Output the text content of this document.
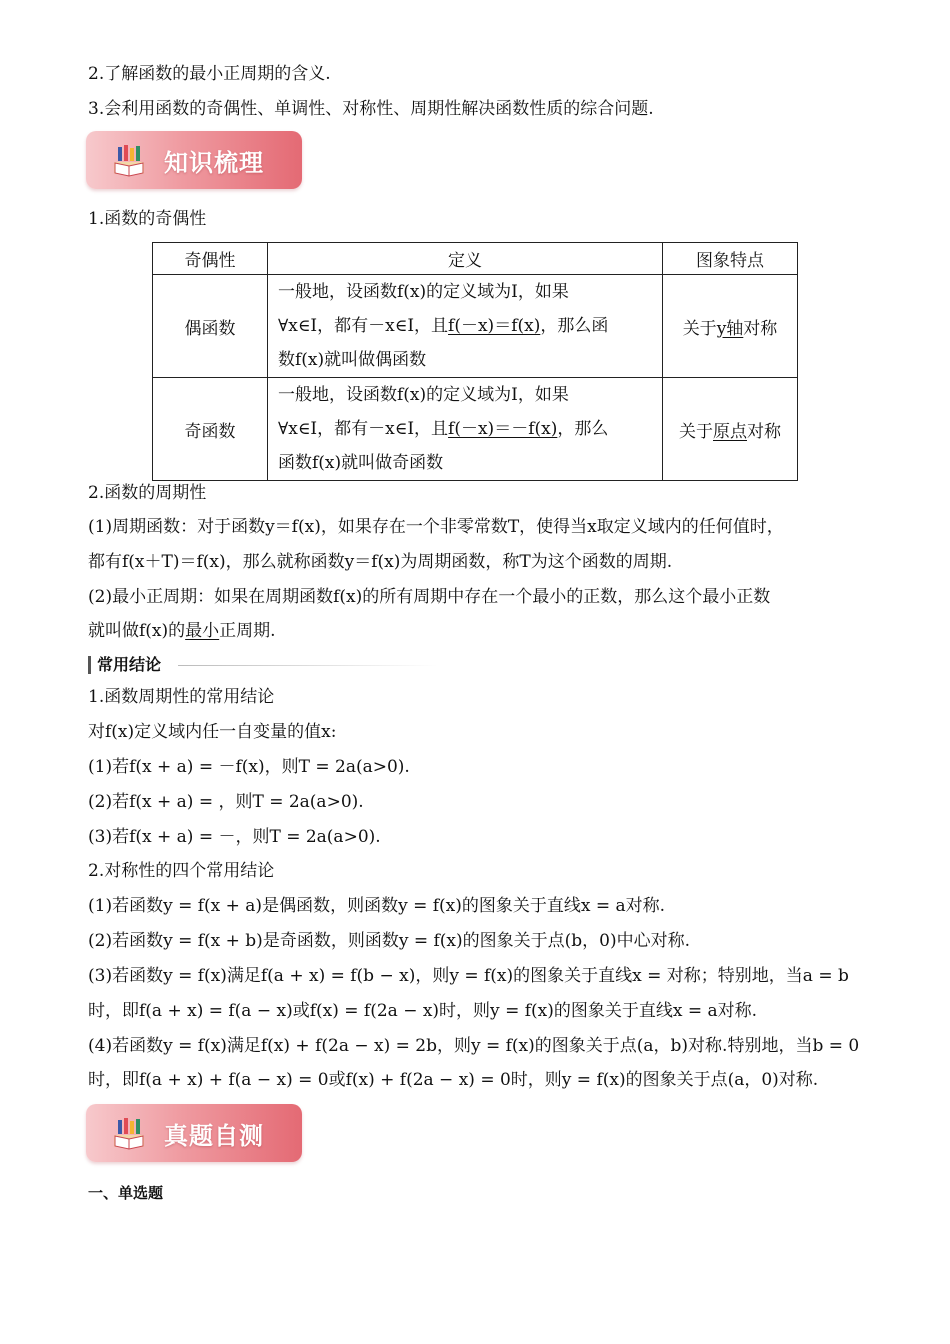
2.了解函数的最小正周期的含义.
3.会利用函数的奇偶性、单调性、对称性、周期性解决函数性质的综合问题.
知识梳理
1.函数的奇偶性
奇偶性	定义	图象特点
偶函数	一般地，设函数f(x)的定义域为I，如果
∀x∈I，都有－x∈I，且f(－x)＝f(x)，那么函
数f(x)就叫做偶函数	关于y轴对称
奇函数	一般地，设函数f(x)的定义域为I，如果
∀x∈I，都有－x∈I，且f(－x)＝－f(x)，那么
函数f(x)就叫做奇函数	关于原点对称
2.函数的周期性
(1)周期函数：对于函数y＝f(x)，如果存在一个非零常数T，使得当x取定义域内的任何值时，
都有f(x＋T)＝f(x)，那么就称函数y＝f(x)为周期函数，称T为这个函数的周期.
(2)最小正周期：如果在周期函数f(x)的所有周期中存在一个最小的正数，那么这个最小正数
就叫做f(x)的最小正周期.
常用结论
1.函数周期性的常用结论
对f(x)定义域内任一自变量的值x:
(1)若f(x + a) = －f(x)，则T = 2a(a>0).
(2)若f(x + a) = ，则T = 2a(a>0).
(3)若f(x + a) = －，则T = 2a(a>0).
2.对称性的四个常用结论
(1)若函数y = f(x + a)是偶函数，则函数y = f(x)的图象关于直线x = a对称.
(2)若函数y = f(x + b)是奇函数，则函数y = f(x)的图象关于点(b，0)中心对称.
(3)若函数y = f(x)满足f(a + x) = f(b − x)，则y = f(x)的图象关于直线x = 对称；特别地，当a = b
时，即f(a + x) = f(a − x)或f(x) = f(2a − x)时，则y = f(x)的图象关于直线x = a对称.
(4)若函数y = f(x)满足f(x) + f(2a − x) = 2b，则y = f(x)的图象关于点(a，b)对称.特别地，当b = 0
时，即f(a + x) + f(a − x) = 0或f(x) + f(2a − x) = 0时，则y = f(x)的图象关于点(a，0)对称.
真题自测
一、单选题
